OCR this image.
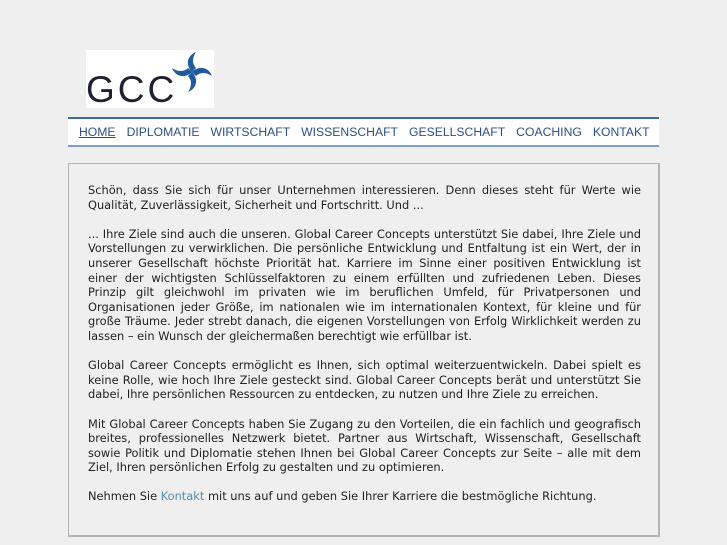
GCC
HOME DIPLOMATIE WIRTSCHAFT WISSENSCHAFT GESELLSCHAFT COACHING KONTAKT

Schön, dass Sie sich für unser Unternehmen interessieren. Denn dieses steht für Werte wie Qualität, Zuverlässigkeit, Sicherheit und Fortschritt. Und ...

... Ihre Ziele sind auch die unseren. Global Career Concepts unterstützt Sie dabei, Ihre Ziele und Vorstellungen zu verwirklichen. Die persönliche Entwicklung und Entfaltung ist ein Wert, der in unserer Gesellschaft höchste Priorität hat. Karriere im Sinne einer positiven Entwicklung ist einer der wichtigsten Schlüsselfaktoren zu einem erfüllten und zufriedenen Leben. Dieses Prinzip gilt gleichwohl im privaten wie im beruflichen Umfeld, für Privatpersonen und Organisationen jeder Größe, im nationalen wie im internationalen Kontext, für kleine und für große Träume. Jeder strebt danach, die eigenen Vorstellungen von Erfolg Wirklichkeit werden zu lassen – ein Wunsch der gleichermaßen berechtigt wie erfüllbar ist.

Global Career Concepts ermöglicht es Ihnen, sich optimal weiterzuentwickeln. Dabei spielt es keine Rolle, wie hoch Ihre Ziele gesteckt sind. Global Career Concepts berät und unterstützt Sie dabei, Ihre persönlichen Ressourcen zu entdecken, zu nutzen und Ihre Ziele zu erreichen.

Mit Global Career Concepts haben Sie Zugang zu den Vorteilen, die ein fachlich und geografisch breites, professionelles Netzwerk bietet. Partner aus Wirtschaft, Wissenschaft, Gesellschaft sowie Politik und Diplomatie stehen Ihnen bei Global Career Concepts zur Seite – alle mit dem Ziel, Ihren persönlichen Erfolg zu gestalten und zu optimieren.

Nehmen Sie Kontakt mit uns auf und geben Sie Ihrer Karriere die bestmögliche Richtung.
